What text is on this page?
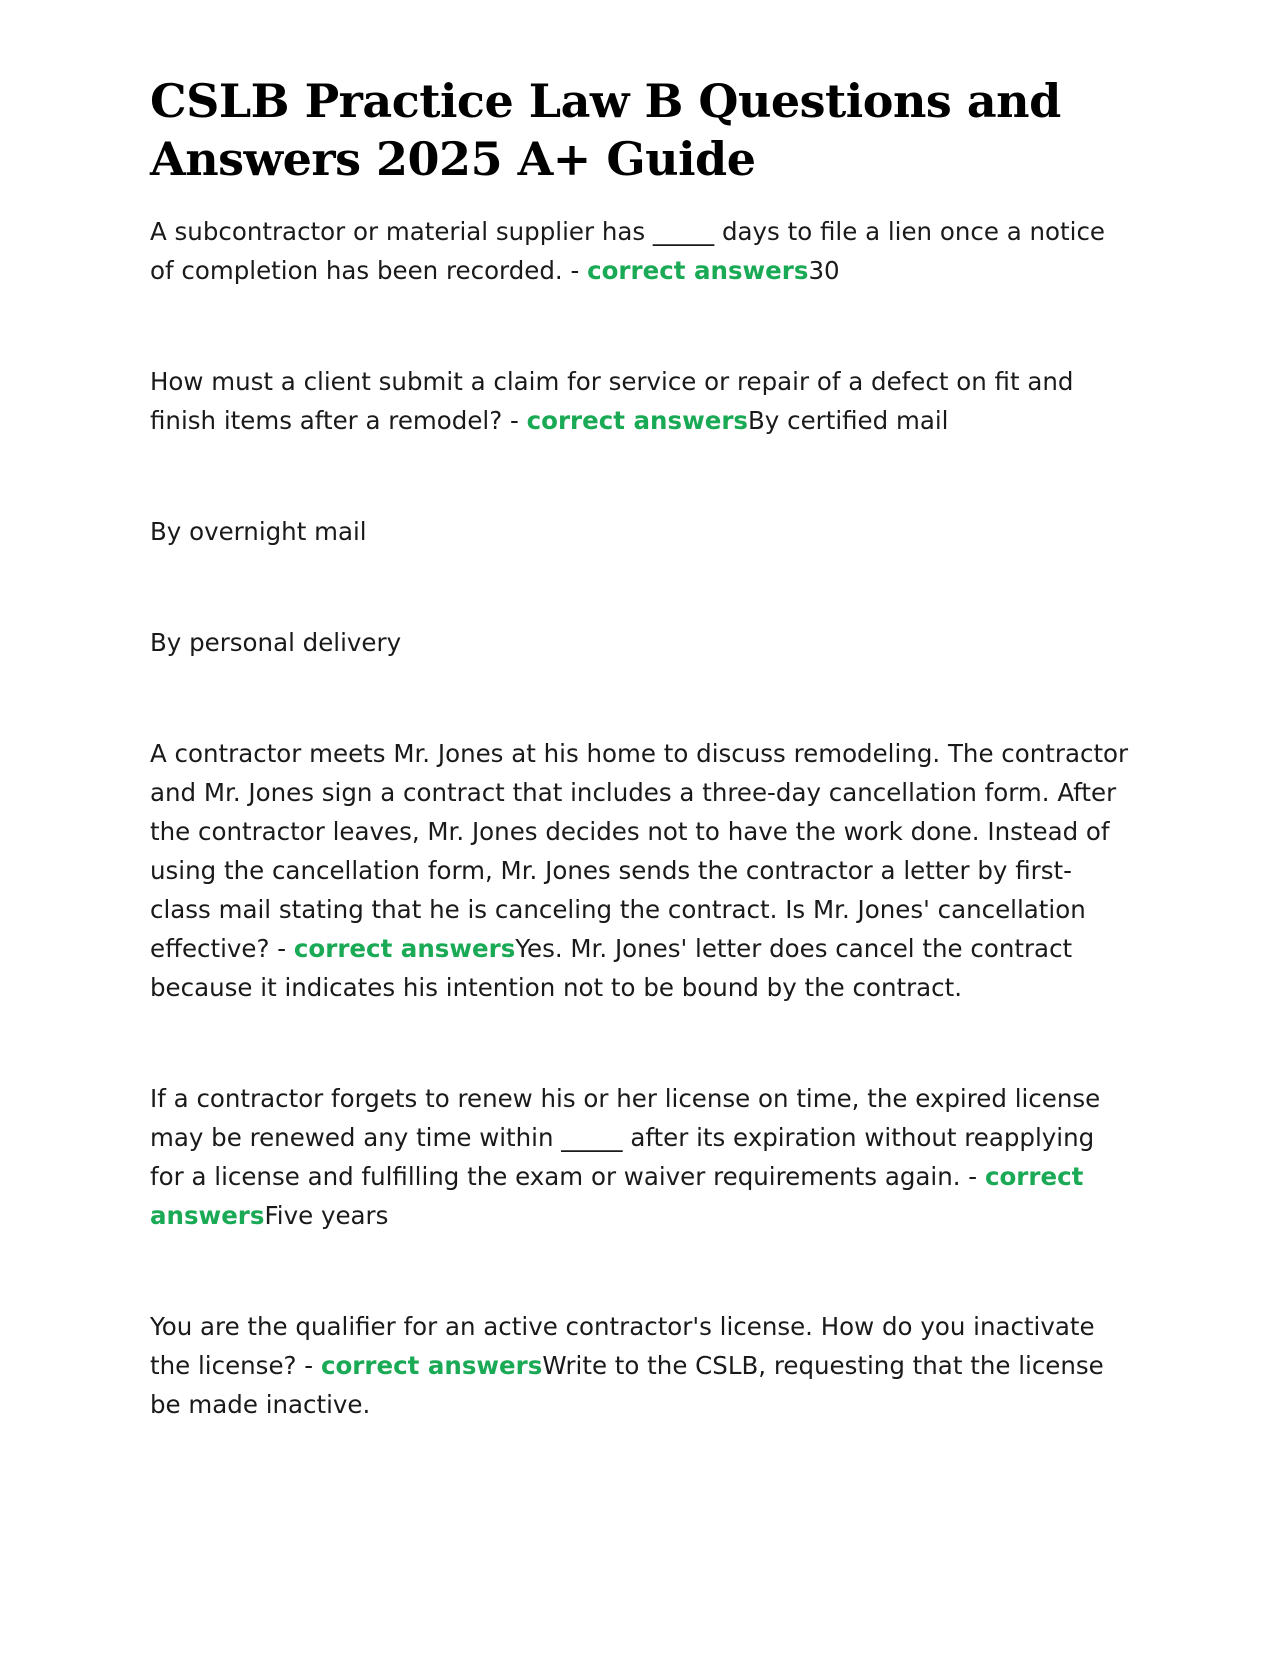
CSLB Practice Law B Questions and Answers 2025 A+ Guide

A subcontractor or material supplier has _____ days to file a lien once a notice of completion has been recorded. - correct answers30

How must a client submit a claim for service or repair of a defect on fit and finish items after a remodel? - correct answersBy certified mail

By overnight mail

By personal delivery

A contractor meets Mr. Jones at his home to discuss remodeling. The contractor and Mr. Jones sign a contract that includes a three-day cancellation form. After the contractor leaves, Mr. Jones decides not to have the work done. Instead of using the cancellation form, Mr. Jones sends the contractor a letter by first-class mail stating that he is canceling the contract. Is Mr. Jones' cancellation effective? - correct answersYes. Mr. Jones' letter does cancel the contract because it indicates his intention not to be bound by the contract.

If a contractor forgets to renew his or her license on time, the expired license may be renewed any time within _____ after its expiration without reapplying for a license and fulfilling the exam or waiver requirements again. - correct answersFive years

You are the qualifier for an active contractor's license. How do you inactivate the license? - correct answersWrite to the CSLB, requesting that the license be made inactive.
